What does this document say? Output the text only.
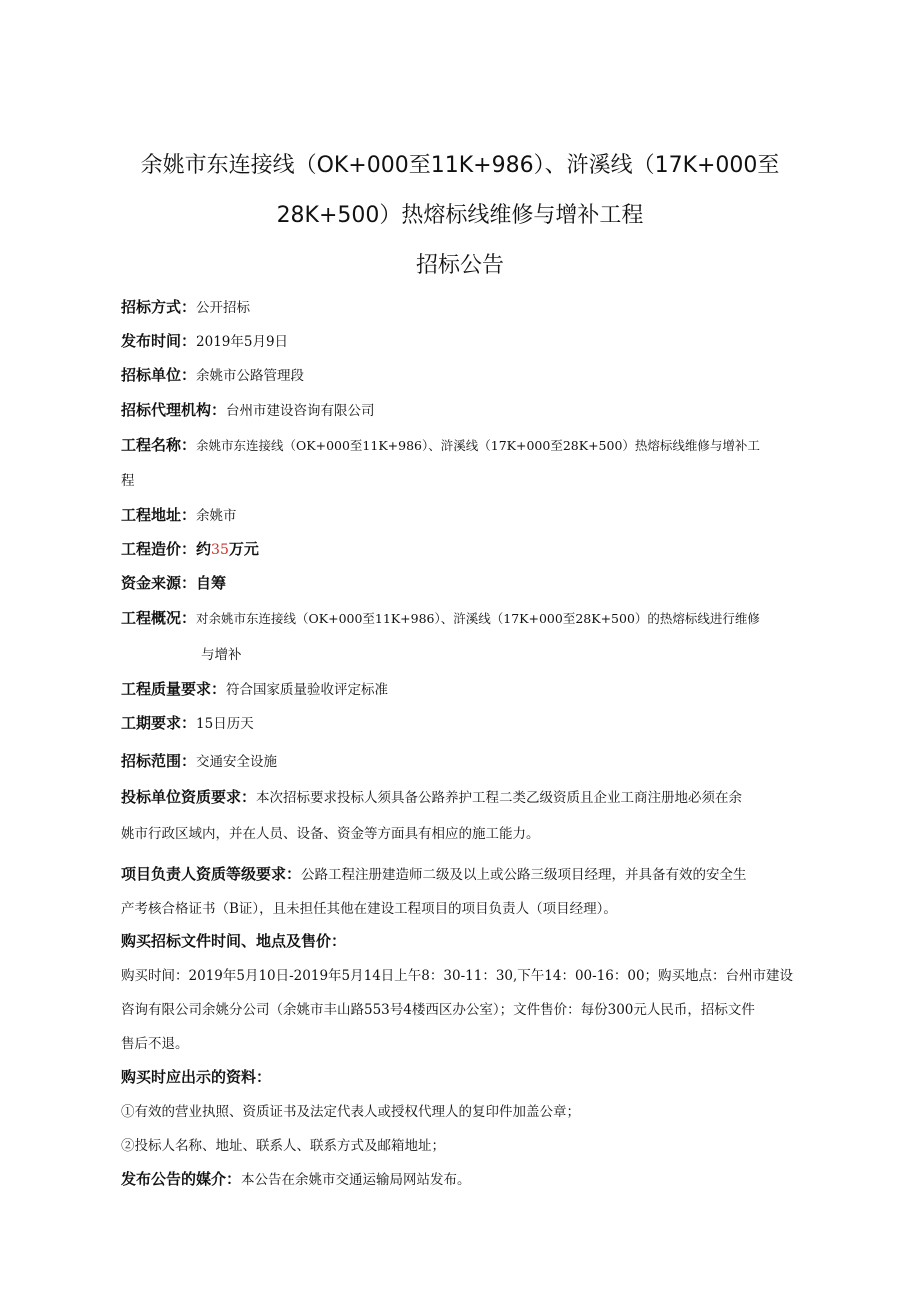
余姚市东连接线（OK+000至11K+986）、浒溪线（17K+000至
28K+500）热熔标线维修与增补工程
招标公告
招标方式：公开招标
发布时间：2019年5月9日
招标单位：余姚市公路管理段
招标代理机构：台州市建设咨询有限公司
工程名称：余姚市东连接线（OK+000至11K+986）、浒溪线（17K+000至28K+500）热熔标线维修与增补工
程
工程地址：余姚市
工程造价：约35万元
资金来源：自筹
工程概况：对余姚市东连接线（OK+000至11K+986）、浒溪线（17K+000至28K+500）的热熔标线进行维修
与增补
工程质量要求：符合国家质量验收评定标准
工期要求：15日历天
招标范围：交通安全设施
投标单位资质要求：本次招标要求投标人须具备公路养护工程二类乙级资质且企业工商注册地必须在余
姚市行政区域内，并在人员、设备、资金等方面具有相应的施工能力。
项目负责人资质等级要求：公路工程注册建造师二级及以上或公路三级项目经理，并具备有效的安全生
产考核合格证书（B证），且未担任其他在建设工程项目的项目负责人（项目经理）。
购买招标文件时间、地点及售价：
购买时间：2019年5月10日-2019年5月14日上午8：30-11：30,下午14：00-16：00；购买地点：台州市建设
咨询有限公司余姚分公司（余姚市丰山路553号4楼西区办公室）；文件售价：每份300元人民币，招标文件
售后不退。
购买时应出示的资料：
①有效的营业执照、资质证书及法定代表人或授权代理人的复印件加盖公章；
②投标人名称、地址、联系人、联系方式及邮箱地址；
发布公告的媒介：本公告在余姚市交通运输局网站发布。
